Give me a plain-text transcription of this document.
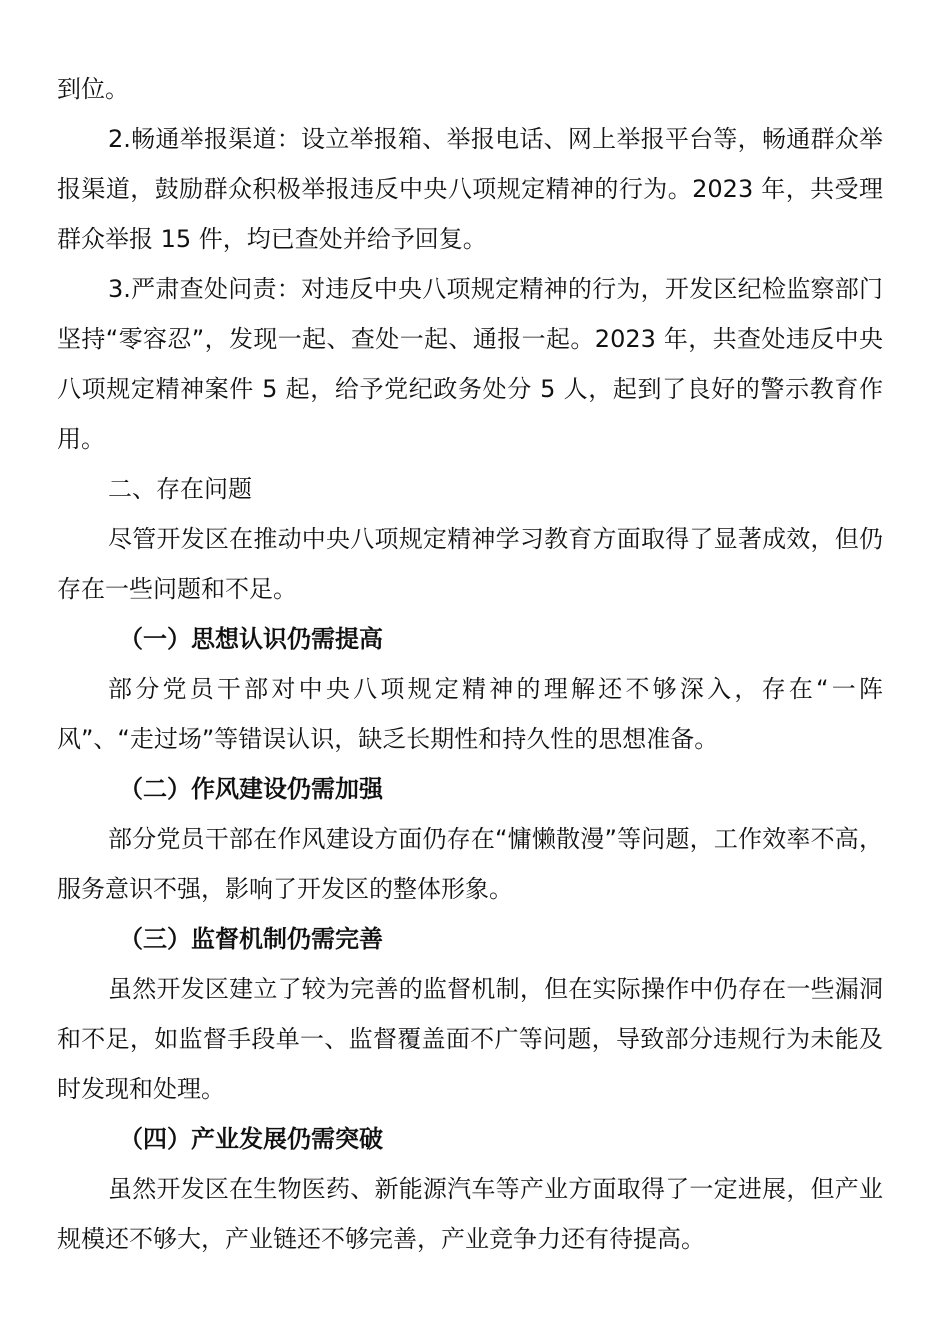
到位。

2.畅通举报渠道：设立举报箱、举报电话、网上举报平台等，畅通群众举报渠道，鼓励群众积极举报违反中央八项规定精神的行为。2023 年，共受理群众举报 15 件，均已查处并给予回复。

3.严肃查处问责：对违反中央八项规定精神的行为，开发区纪检监察部门坚持“零容忍”，发现一起、查处一起、通报一起。2023 年，共查处违反中央八项规定精神案件 5 起，给予党纪政务处分 5 人，起到了良好的警示教育作用。

二、存在问题

尽管开发区在推动中央八项规定精神学习教育方面取得了显著成效，但仍存在一些问题和不足。

（一）思想认识仍需提高

部分党员干部对中央八项规定精神的理解还不够深入，存在“一阵风”、“走过场”等错误认识，缺乏长期性和持久性的思想准备。

（二）作风建设仍需加强

部分党员干部在作风建设方面仍存在“慵懒散漫”等问题，工作效率不高，服务意识不强，影响了开发区的整体形象。

（三）监督机制仍需完善

虽然开发区建立了较为完善的监督机制，但在实际操作中仍存在一些漏洞和不足，如监督手段单一、监督覆盖面不广等问题，导致部分违规行为未能及时发现和处理。

（四）产业发展仍需突破

虽然开发区在生物医药、新能源汽车等产业方面取得了一定进展，但产业规模还不够大，产业链还不够完善，产业竞争力还有待提高。
